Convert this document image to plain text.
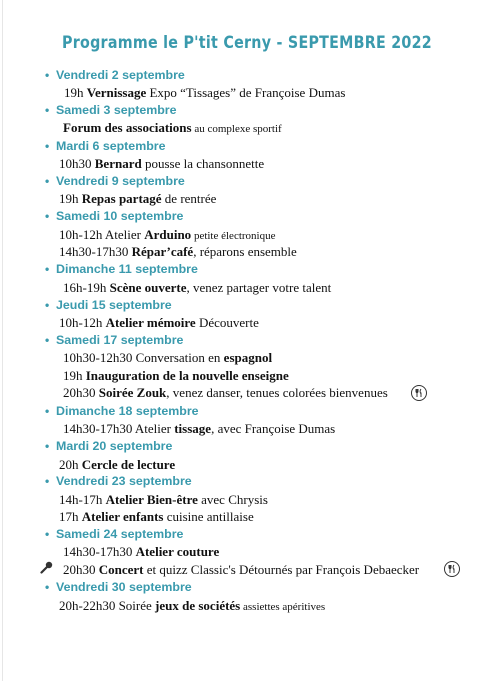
Programme le P'tit Cerny - SEPTEMBRE 2022
• Vendredi 2 septembre
19h Vernissage Expo “Tissages” de Françoise Dumas
• Samedi 3 septembre
Forum des associations au complexe sportif
• Mardi 6 septembre
10h30 Bernard pousse la chansonnette
• Vendredi 9 septembre
19h Repas partagé de rentrée
• Samedi 10 septembre
10h-12h Atelier Arduino petite électronique
14h30-17h30 Répar’café, réparons ensemble
• Dimanche 11 septembre
16h-19h Scène ouverte, venez partager votre talent
• Jeudi 15 septembre
10h-12h Atelier mémoire Découverte
• Samedi 17 septembre
10h30-12h30 Conversation en espagnol
19h Inauguration de la nouvelle enseigne
20h30 Soirée Zouk, venez danser, tenues colorées bienvenues
• Dimanche 18 septembre
14h30-17h30 Atelier tissage, avec Françoise Dumas
• Mardi 20 septembre
20h Cercle de lecture
• Vendredi 23 septembre
14h-17h Atelier Bien-être avec Chrysis
17h Atelier enfants cuisine antillaise
• Samedi 24 septembre
14h30-17h30 Atelier couture
20h30 Concert et quizz Classic's Détournés par François Debaecker
• Vendredi 30 septembre
20h-22h30 Soirée jeux de sociétés assiettes apéritives
